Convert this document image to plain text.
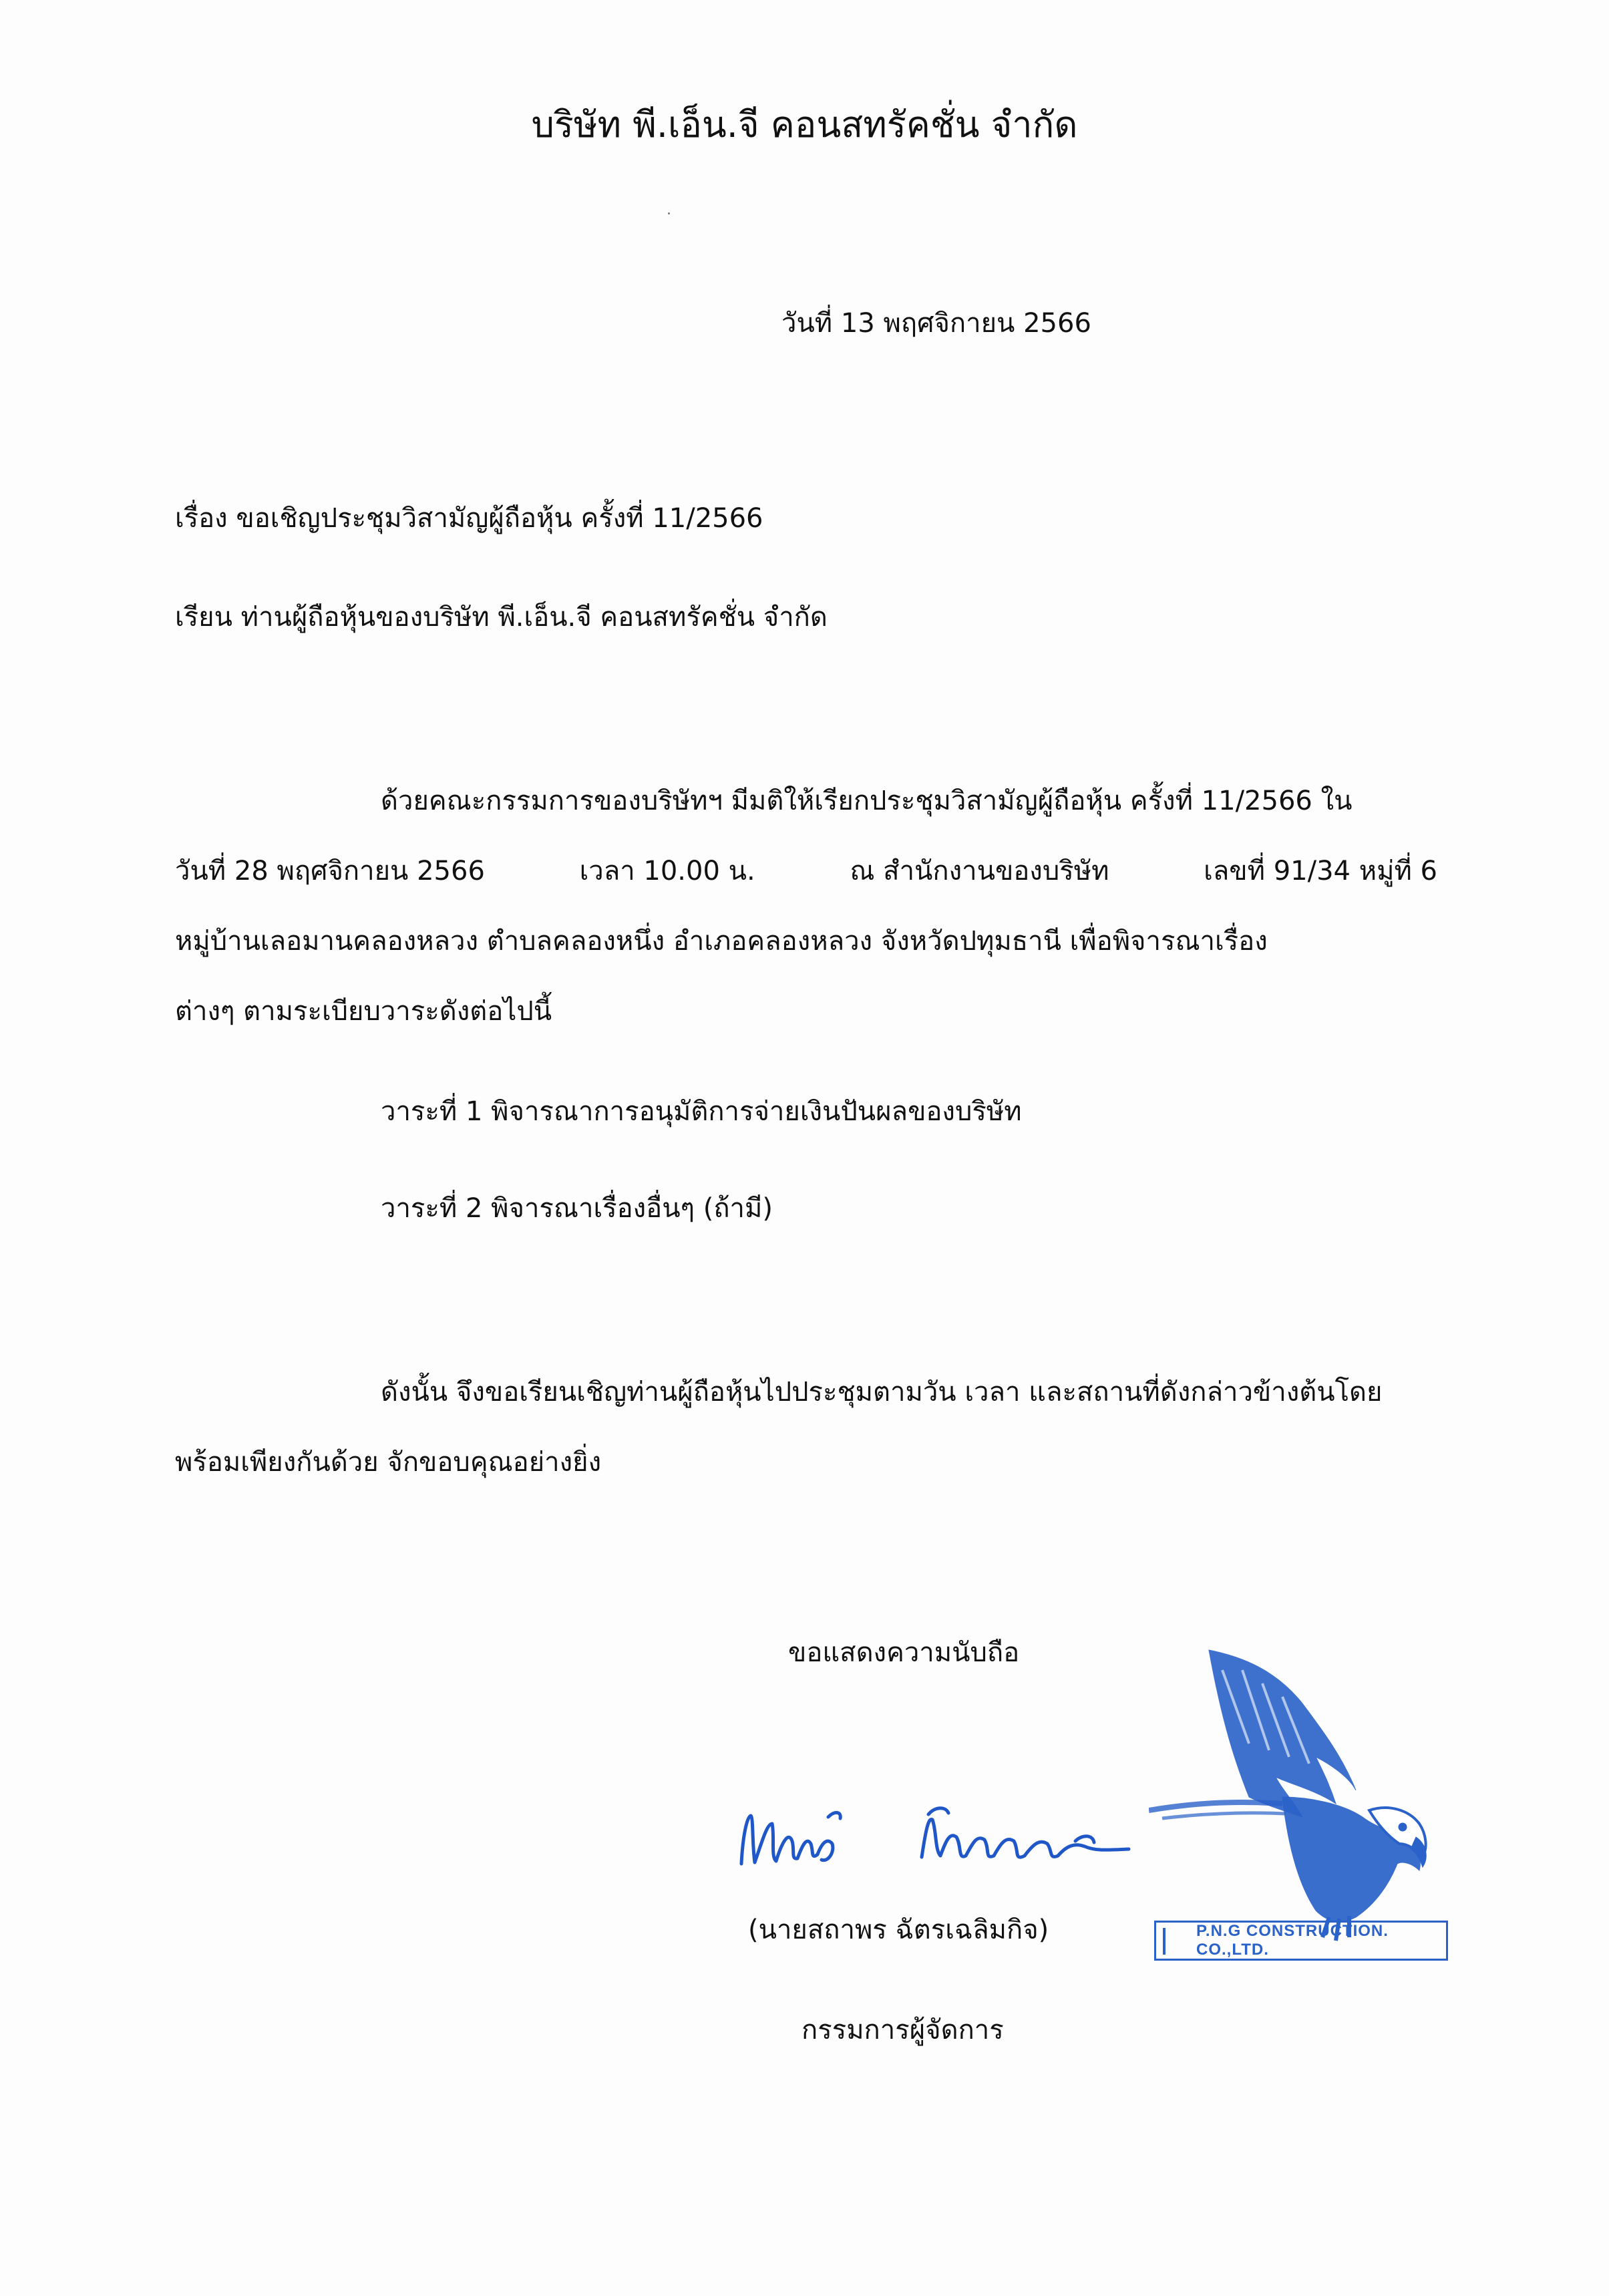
บริษัท พี.เอ็น.จี คอนสทรัคชั่น จำกัด
วันที่ 13 พฤศจิกายน 2566
เรื่อง ขอเชิญประชุมวิสามัญผู้ถือหุ้น ครั้งที่ 11/2566
เรียน ท่านผู้ถือหุ้นของบริษัท พี.เอ็น.จี คอนสทรัคชั่น จำกัด
ด้วยคณะกรรมการของบริษัทฯ มีมติให้เรียกประชุมวิสามัญผู้ถือหุ้น ครั้งที่ 11/2566 ใน
วันที่ 28 พฤศจิกายน 2566	เวลา 10.00 น.	ณ สำนักงานของบริษัท	เลขที่ 91/34 หมู่ที่ 6
หมู่บ้านเลอมานคลองหลวง ตำบลคลองหนึ่ง อำเภอคลองหลวง จังหวัดปทุมธานี เพื่อพิจารณาเรื่อง
ต่างๆ ตามระเบียบวาระดังต่อไปนี้
วาระที่ 1 พิจารณาการอนุมัติการจ่ายเงินปันผลของบริษัท
วาระที่ 2 พิจารณาเรื่องอื่นๆ (ถ้ามี)
ดังนั้น จึงขอเรียนเชิญท่านผู้ถือหุ้นไปประชุมตามวัน เวลา และสถานที่ดังกล่าวข้างต้นโดย
พร้อมเพียงกันด้วย จักขอบคุณอย่างยิ่ง
ขอแสดงความนับถือ
P.N.G CONSTRUCTION. CO.,LTD.
(นายสถาพร ฉัตรเฉลิมกิจ)
กรรมการผู้จัดการ
